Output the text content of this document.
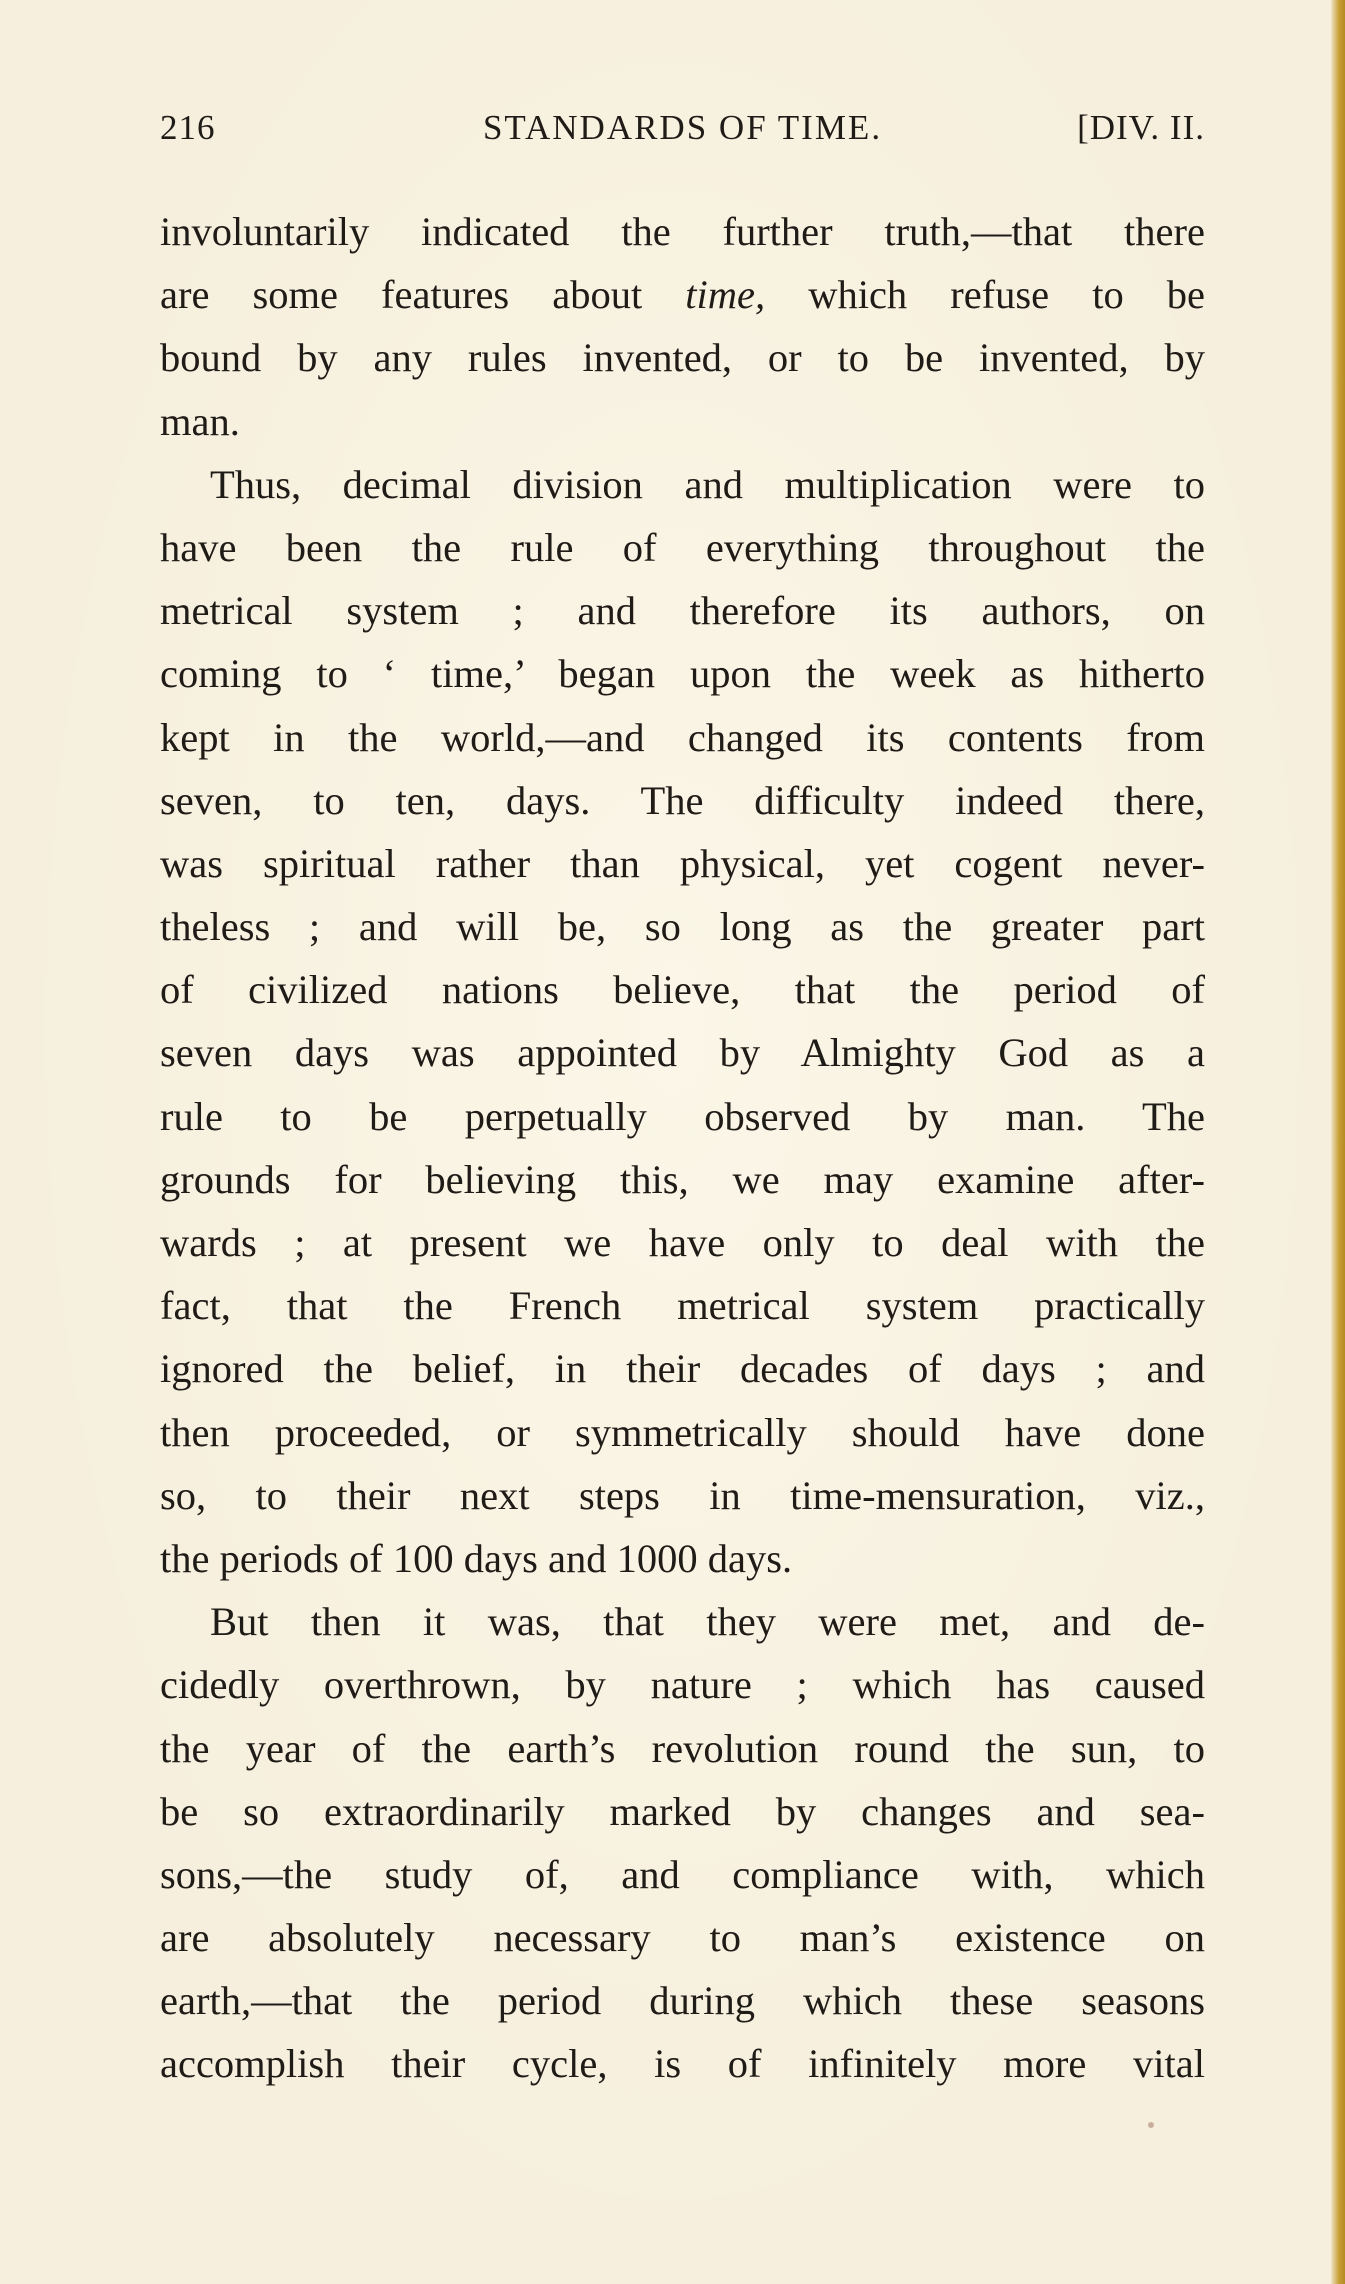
216	STANDARDS OF TIME.	[DIV. II.
involuntarily indicated the further truth,—that there
are some features about time, which refuse to be
bound by any rules invented, or to be invented, by
man.
Thus, decimal division and multiplication were to
have been the rule of everything throughout the
metrical system ; and therefore its authors, on
coming to ‘ time,’ began upon the week as hitherto
kept in the world,—and changed its contents from
seven, to ten, days. The difficulty indeed there,
was spiritual rather than physical, yet cogent never-
theless ; and will be, so long as the greater part
of civilized nations believe, that the period of
seven days was appointed by Almighty God as a
rule to be perpetually observed by man. The
grounds for believing this, we may examine after-
wards ; at present we have only to deal with the
fact, that the French metrical system practically
ignored the belief, in their decades of days ; and
then proceeded, or symmetrically should have done
so, to their next steps in time-mensuration, viz.,
the periods of 100 days and 1000 days.
But then it was, that they were met, and de-
cidedly overthrown, by nature ; which has caused
the year of the earth’s revolution round the sun, to
be so extraordinarily marked by changes and sea-
sons,—the study of, and compliance with, which
are absolutely necessary to man’s existence on
earth,—that the period during which these seasons
accomplish their cycle, is of infinitely more vital
